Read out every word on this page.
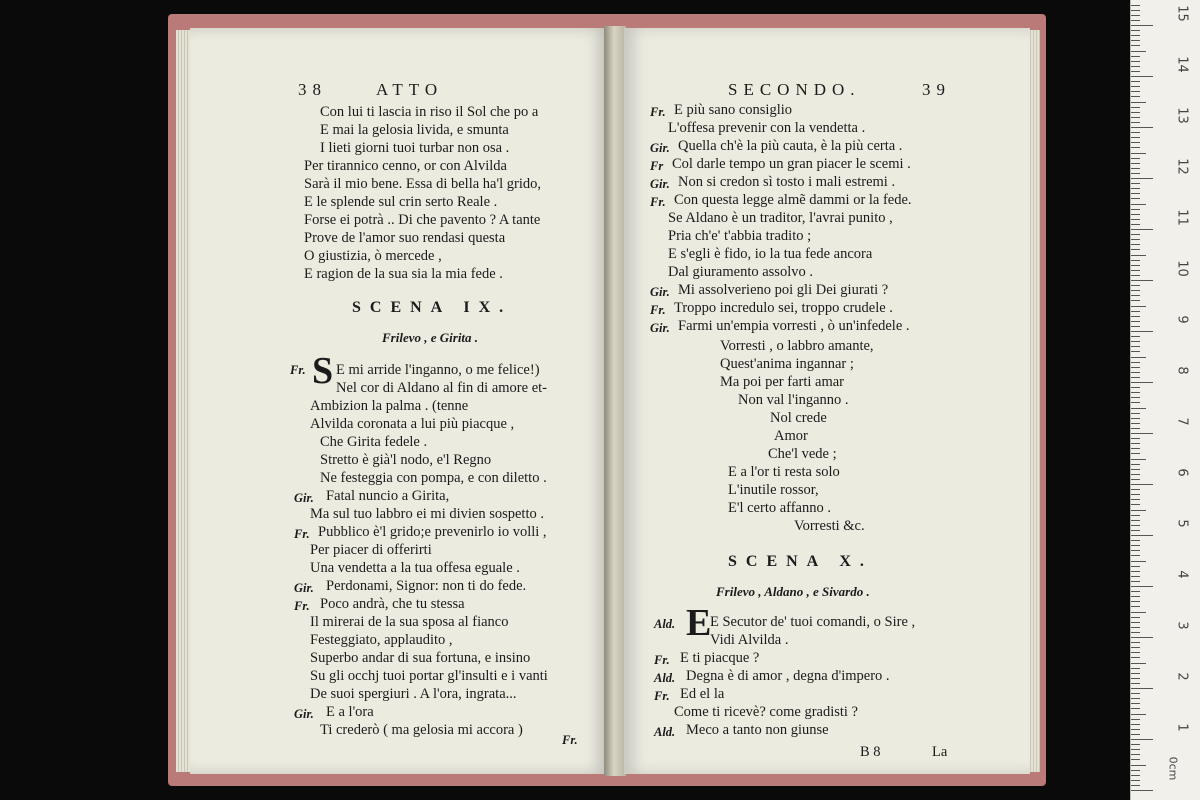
38	ATTO
Con lui ti lascia in riso il Sol che po a
E mai la gelosia livida, e smunta
I lieti giorni tuoi turbar non osa .
Per tirannico cenno, or con Alvilda
Sarà il mio bene. Essa di bella ha'l grido,
E le splende sul crin serto Reale .
Forse ei potrà .. Di che pavento ? A tante
Prove de l'amor suo rendasi questa
O giustizia, ò mercede ,
E ragion de la sua sia la mia fede .
SCENA IX.
Frilevo , e Girita .
Fr. S E mi arride l'inganno, o me felice!)
Nel cor di Aldano al fin di amore et-
Ambizion la palma . (tenne
Alvilda coronata a lui più piacque ,
Che Girita fedele .
Stretto è già'l nodo, e'l Regno
Ne festeggia con pompa, e con diletto .
Gir. Fatal nuncio a Girita,
Ma sul tuo labbro ei mi divien sospetto .
Fr. Pubblico è'l grido;e prevenirlo io volli ,
Per piacer di offerirti
Una vendetta a la tua offesa eguale .
Gir. Perdonami, Signor: non ti do fede.
Fr. Poco andrà, che tu stessa
Il mirerai de la sua sposa al fianco
Festeggiato, applaudito ,
Superbo andar di sua fortuna, e insino
Su gli occhj tuoi portar gl'insulti e i vanti
De suoi spergiuri . A l'ora, ingrata...
Gir. E a l'ora
Ti crederò ( ma gelosia mi accora )
Fr.
SECONDO.	39
Fr. E più sano consiglio
L'offesa prevenir con la vendetta .
Gir. Quella ch'è la più cauta, è la più certa .
Fr Col darle tempo un gran piacer le scemi .
Gir. Non si credon sì tosto i mali estremi .
Fr. Con questa legge almẽ dammi or la fede.
Se Aldano è un traditor, l'avrai punito ,
Pria ch'e' t'abbia tradito ;
E s'egli è fido, io la tua fede ancora
Dal giuramento assolvo .
Gir. Mi assolverieno poi gli Dei giurati ?
Fr. Troppo incredulo sei, troppo crudele .
Gir. Farmi un'empia vorresti , ò un'infedele .
Vorresti , o labbro amante,
Quest'anima ingannar ;
Ma poi per farti amar
Non val l'inganno .
Nol crede
Amor
Che'l vede ;
E a l'or ti resta solo
L'inutile rossor,
E'l certo affanno .
Vorresti &c.
SCENA X.
Frilevo , Aldano , e Sivardo .
Ald. E
E Secutor de' tuoi comandi, o Sire ,
Vidi Alvilda .
Fr. E ti piacque ?
Ald. Degna è di amor , degna d'impero .
Fr. Ed el la
Come ti ricevè? come gradisti ?
Ald. Meco a tanto non giunse
B 8	La
15
14
13
12
11
10
9
8
7
6
5
4
3
2
1
0cm
